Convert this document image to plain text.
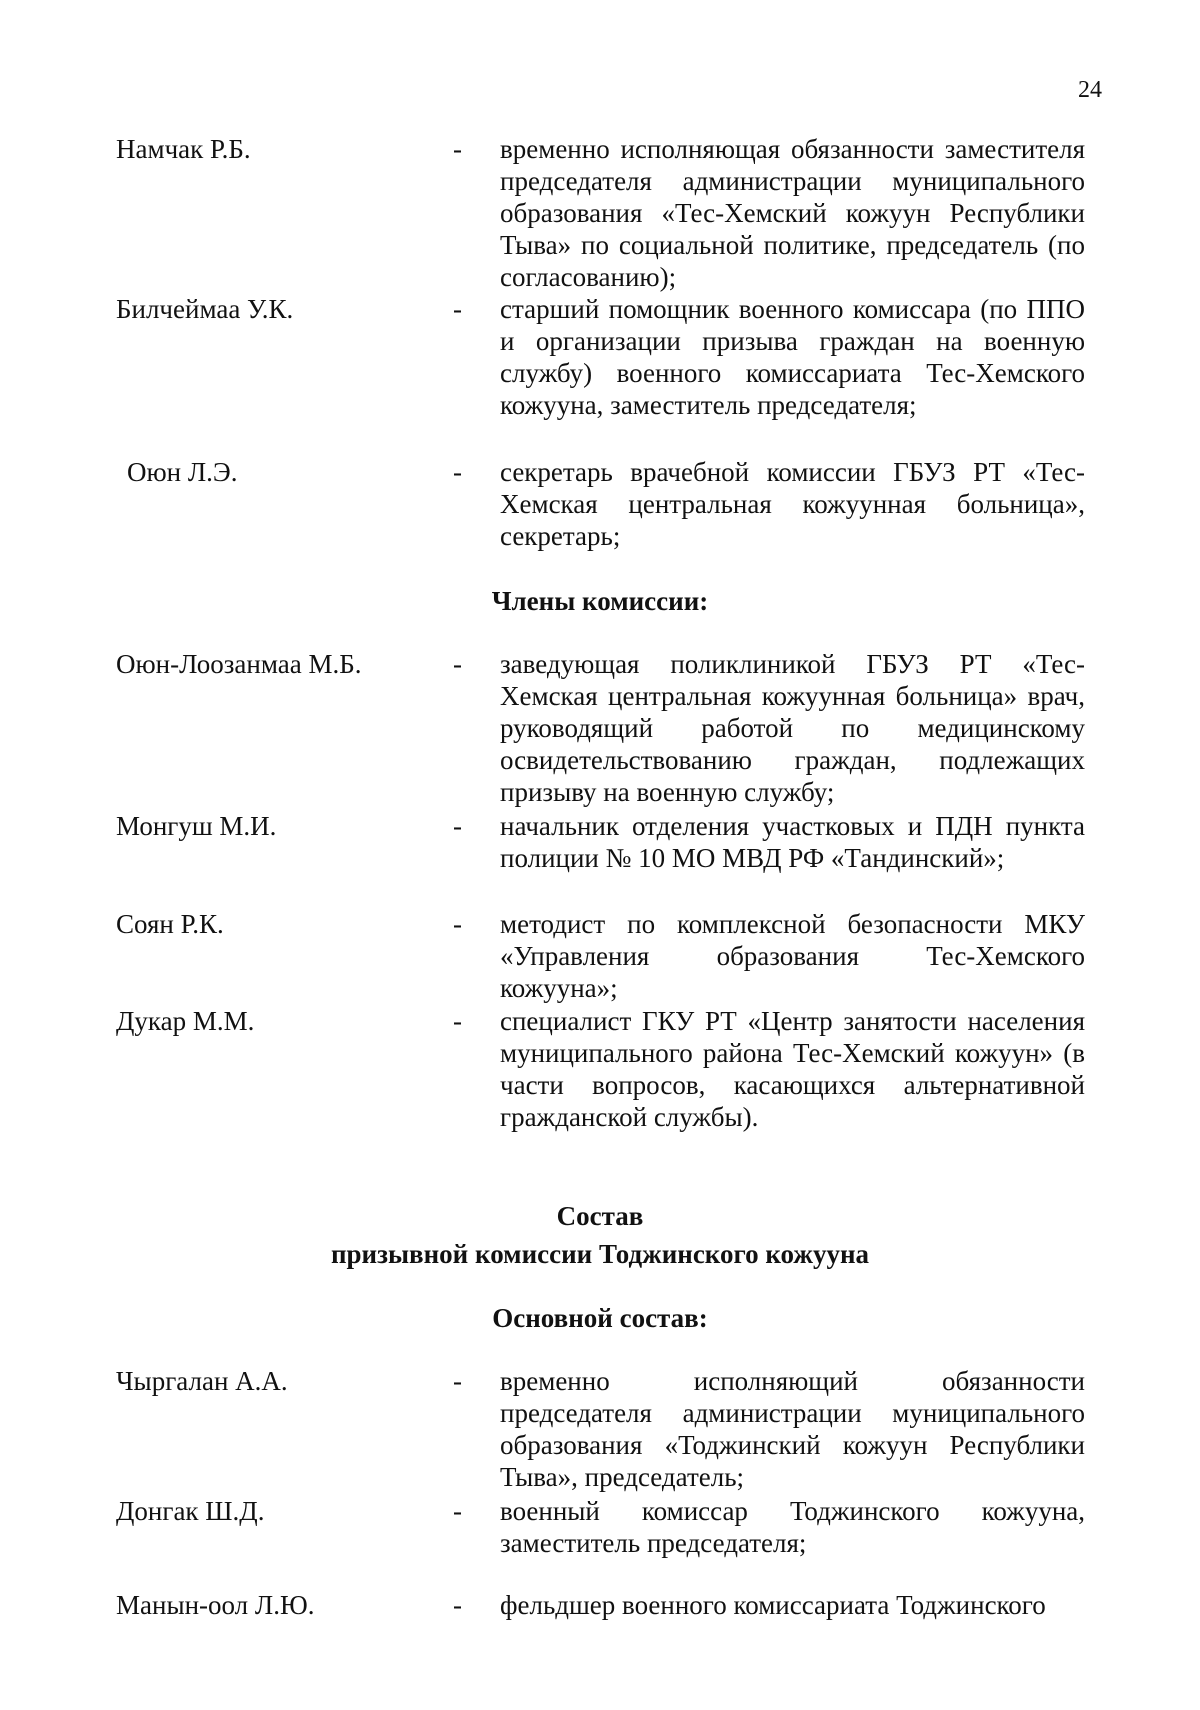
24
Намчак Р.Б.	- временно исполняющая обязанности заместителя председателя администрации муниципального образования «Тес-Хемский кожуун Республики Тыва» по социальной политике, председатель (по согласованию);
Билчеймаа У.К.	- старший помощник военного комиссара (по ППО и организации призыва граждан на военную службу) военного комиссариата Тес-Хемского кожууна, заместитель председателя;
Оюн Л.Э.	- секретарь врачебной комиссии ГБУЗ РТ «Тес-Хемская центральная кожуунная больница», секретарь;
Члены комиссии:
Оюн-Лоозанмаа М.Б.	- заведующая поликлиникой ГБУЗ РТ «Тес-Хемская центральная кожуунная больница» врач, руководящий работой по медицинскому освидетельствованию граждан, подлежащих призыву на военную службу;
Монгуш М.И.	- начальник отделения участковых и ПДН пункта полиции № 10 МО МВД РФ «Тандинский»;
Соян Р.К.	- методист по комплексной безопасности МКУ «Управления образования Тес-Хемского кожууна»;
Дукар М.М.	- специалист ГКУ РТ «Центр занятости населения муниципального района Тес-Хемский кожуун» (в части вопросов, касающихся альтернативной гражданской службы).
Состав
призывной комиссии Тоджинского кожууна
Основной состав:
Чыргалан А.А.	- временно исполняющий обязанности председателя администрации муниципального образования «Тоджинский кожуун Республики Тыва», председатель;
Донгак Ш.Д.	- военный комиссар Тоджинского кожууна, заместитель председателя;
Манын-оол Л.Ю.	- фельдшер военного комиссариата Тоджинского
